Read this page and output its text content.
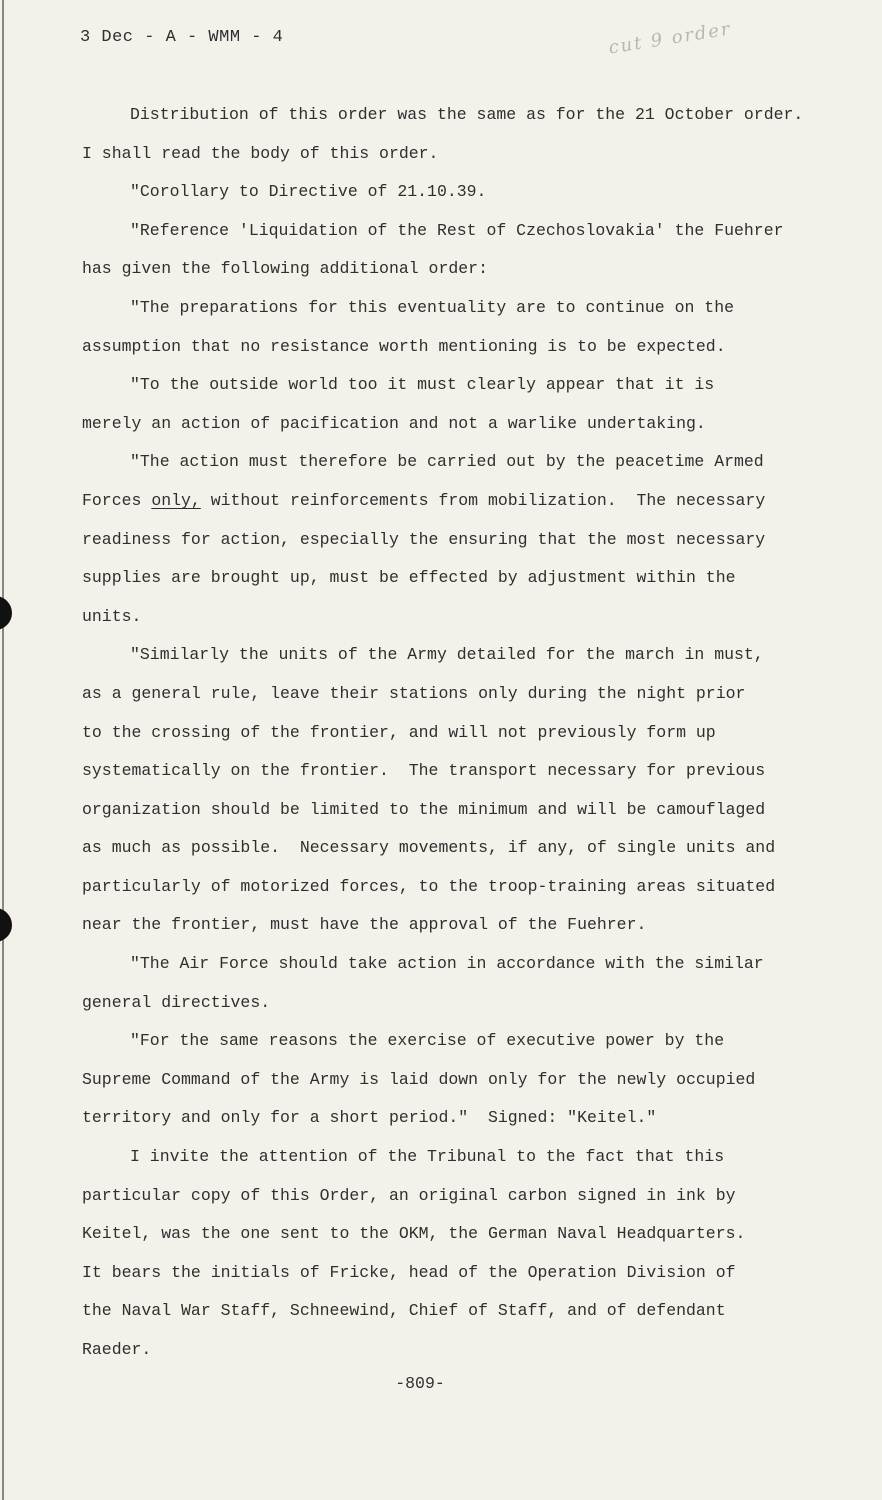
3 Dec - A - WMM - 4	cut 9 order
Distribution of this order was the same as for the 21 October order.
I shall read the body of this order.
"Corollary to Directive of 21.10.39.
"Reference 'Liquidation of the Rest of Czechoslovakia' the Fuehrer
has given the following additional order:
"The preparations for this eventuality are to continue on the
assumption that no resistance worth mentioning is to be expected.
"To the outside world too it must clearly appear that it is
merely an action of pacification and not a warlike undertaking.
"The action must therefore be carried out by the peacetime Armed
Forces only, without reinforcements from mobilization.  The necessary
readiness for action, especially the ensuring that the most necessary
supplies are brought up, must be effected by adjustment within the
units.
"Similarly the units of the Army detailed for the march in must,
as a general rule, leave their stations only during the night prior
to the crossing of the frontier, and will not previously form up
systematically on the frontier.  The transport necessary for previous
organization should be limited to the minimum and will be camouflaged
as much as possible.  Necessary movements, if any, of single units and
particularly of motorized forces, to the troop-training areas situated
near the frontier, must have the approval of the Fuehrer.
"The Air Force should take action in accordance with the similar
general directives.
"For the same reasons the exercise of executive power by the
Supreme Command of the Army is laid down only for the newly occupied
territory and only for a short period."  Signed: "Keitel."
I invite the attention of the Tribunal to the fact that this
particular copy of this Order, an original carbon signed in ink by
Keitel, was the one sent to the OKM, the German Naval Headquarters.
It bears the initials of Fricke, head of the Operation Division of
the Naval War Staff, Schneewind, Chief of Staff, and of defendant
Raeder.
-809-
